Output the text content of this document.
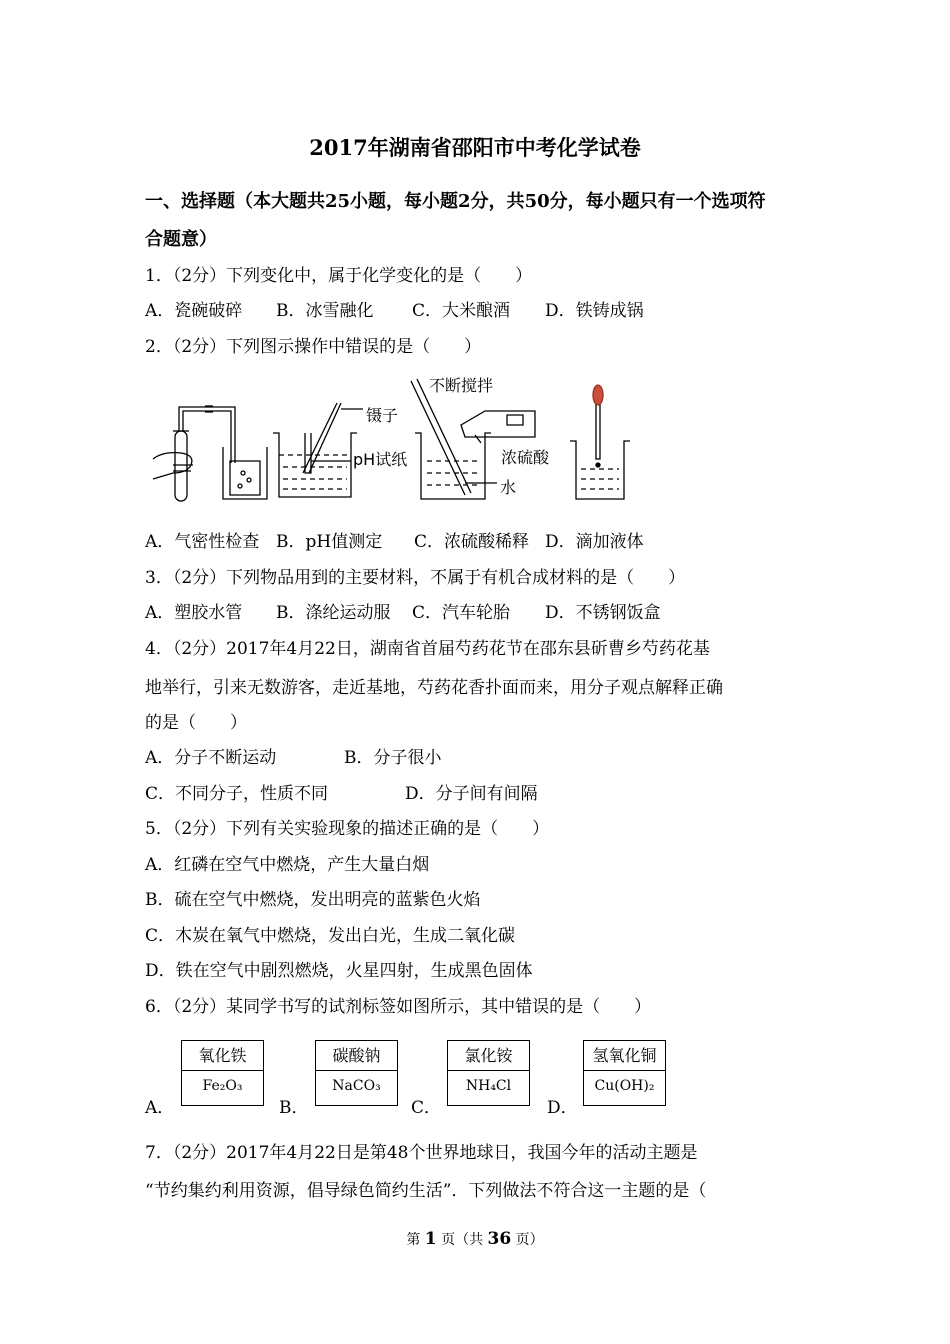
2017年湖南省邵阳市中考化学试卷
一、选择题（本大题共25小题，每小题2分，共50分，每小题只有一个选项符
合题意）
1．（2分）下列变化中，属于化学变化的是（　　）
A．瓷碗破碎 B．冰雪融化 C．大米酿酒 D．铁铸成锅
2．（2分）下列图示操作中错误的是（　　）
镊子
pH试纸
不断搅拌
浓硫酸
水
A．气密性检查 B．pH值测定 C．浓硫酸稀释 D．滴加液体
3．（2分）下列物品用到的主要材料，不属于有机合成材料的是（　　）
A．塑胶水管 B．涤纶运动服 C．汽车轮胎 D．不锈钢饭盒
4．（2分）2017年4月22日，湖南省首届芍药花节在邵东县斫曹乡芍药花基
地举行，引来无数游客，走近基地，芍药花香扑面而来，用分子观点解释正确
的是（　　）
A．分子不断运动	B．分子很小
C．不同分子，性质不同	D．分子间有间隔
5．（2分）下列有关实验现象的描述正确的是（　　）
A．红磷在空气中燃烧，产生大量白烟
B．硫在空气中燃烧，发出明亮的蓝紫色火焰
C．木炭在氧气中燃烧，发出白光，生成二氧化碳
D．铁在空气中剧烈燃烧，火星四射，生成黑色固体
6．（2分）某同学书写的试剂标签如图所示，其中错误的是（　　）
A．
氧化铁
Fe₂O₃
B．
碳酸钠
NaCO₃
C．
氯化铵
NH₄Cl
D．
氢氧化铜
Cu(OH)₂
7．（2分）2017年4月22日是第48个世界地球日，我国今年的活动主题是
“节约集约利用资源，倡导绿色简约生活”．下列做法不符合这一主题的是（
第 1 页（共 36 页）
